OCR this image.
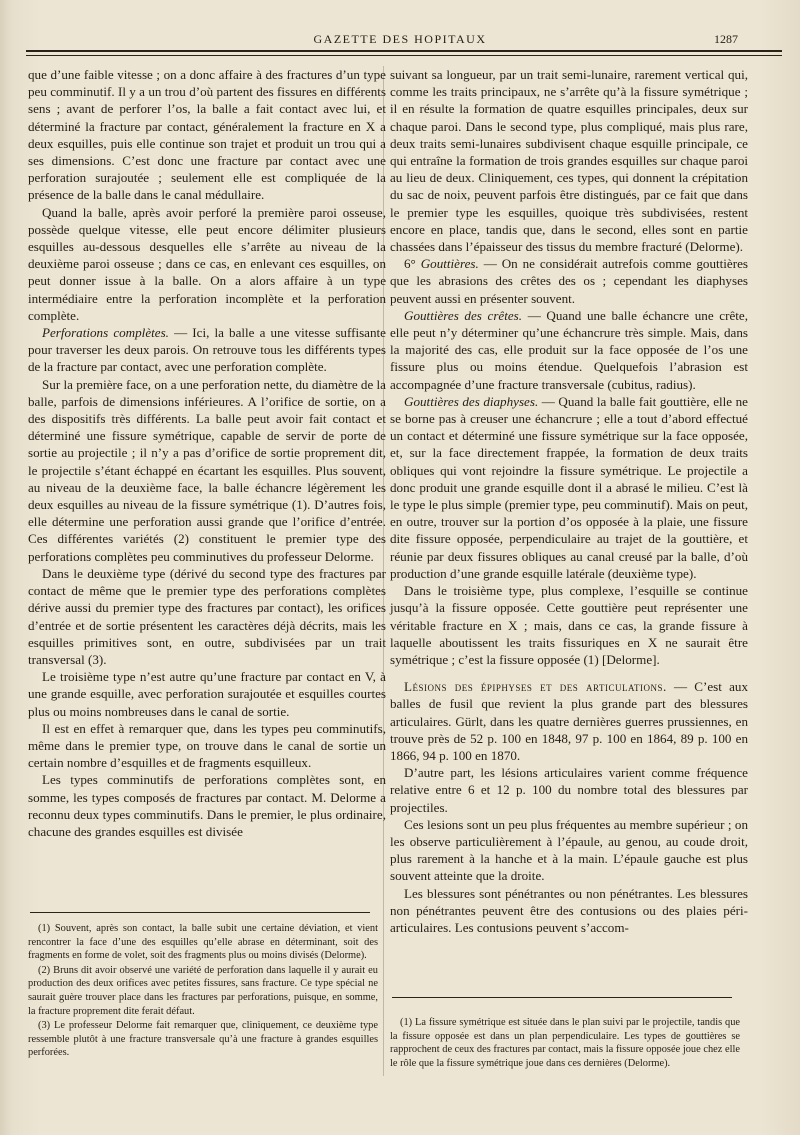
GAZETTE DES HOPITAUX	1287

que d’une faible vitesse ; on a donc affaire à des fractures d’un type peu comminutif. Il y a un trou d’où partent des fissures en différents sens ; avant de perforer l’os, la balle a fait contact avec lui, et déterminé la fracture par contact, généralement la fracture en X a deux esquilles, puis elle continue son trajet et produit un trou qui a ses dimensions. C’est donc une fracture par contact avec une perforation surajoutée ; seulement elle est compliquée de la présence de la balle dans le canal médullaire.

Quand la balle, après avoir perforé la première paroi osseuse, possède quelque vitesse, elle peut encore délimiter plusieurs esquilles au-dessous desquelles elle s’arrête au niveau de la deuxième paroi osseuse ; dans ce cas, en enlevant ces esquilles, on peut donner issue à la balle. On a alors affaire à un type intermédiaire entre la perforation incomplète et la perforation complète.

Perforations complètes. — Ici, la balle a une vitesse suffisante pour traverser les deux parois. On retrouve tous les différents types de la fracture par contact, avec une perforation complète.

Sur la première face, on a une perforation nette, du diamètre de la balle, parfois de dimensions inférieures. A l’orifice de sortie, on a des dispositifs très différents. La balle peut avoir fait contact et déterminé une fissure symétrique, capable de servir de porte de sortie au projectile ; il n’y a pas d’orifice de sortie proprement dit, le projectile s’étant échappé en écartant les esquilles. Plus souvent, au niveau de la deuxième face, la balle échancre légèrement les deux esquilles au niveau de la fissure symétrique (1). D’autres fois, elle détermine une perforation aussi grande que l’orifice d’entrée. Ces différentes variétés (2) constituent le premier type des perforations complètes peu comminutives du professeur Delorme.

Dans le deuxième type (dérivé du second type des fractures par contact de même que le premier type des perforations complètes dérive aussi du premier type des fractures par contact), les orifices d’entrée et de sortie présentent les caractères déjà décrits, mais les esquilles primitives sont, en outre, subdivisées par un trait transversal (3).

Le troisième type n’est autre qu’une fracture par contact en V, à une grande esquille, avec perforation surajoutée et esquilles courtes plus ou moins nombreuses dans le canal de sortie.

Il est en effet à remarquer que, dans les types peu comminutifs, même dans le premier type, on trouve dans le canal de sortie un certain nombre d’esquilles et de fragments esquilleux.

Les types comminutifs de perforations complètes sont, en somme, les types composés de fractures par contact. M. Delorme a reconnu deux types comminutifs. Dans le premier, le plus ordinaire, chacune des grandes esquilles est divisée

(1) Souvent, après son contact, la balle subit une certaine déviation, et vient rencontrer la face d’une des esquilles qu’elle abrase en déterminant, soit des fragments en forme de volet, soit des fragments plus ou moins divisés (Delorme).

(2) Bruns dit avoir observé une variété de perforation dans laquelle il y aurait eu production des deux orifices avec petites fissures, sans fracture. Ce type spécial ne saurait guère trouver place dans les fractures par perforations, puisque, en somme, la fracture proprement dite ferait défaut.

(3) Le professeur Delorme fait remarquer que, cliniquement, ce deuxième type ressemble plutôt à une fracture transversale qu’à une fracture à grandes esquilles perforées.

suivant sa longueur, par un trait semi-lunaire, rarement vertical qui, comme les traits principaux, ne s’arrête qu’à la fissure symétrique ; il en résulte la formation de quatre esquilles principales, deux sur chaque paroi. Dans le second type, plus compliqué, mais plus rare, deux traits semi-lunaires subdivisent chaque esquille principale, ce qui entraîne la formation de trois grandes esquilles sur chaque paroi au lieu de deux. Cliniquement, ces types, qui donnent la crépitation du sac de noix, peuvent parfois être distingués, par ce fait que dans le premier type les esquilles, quoique très subdivisées, restent encore en place, tandis que, dans le second, elles sont en partie chassées dans l’épaisseur des tissus du membre fracturé (Delorme).

6° Gouttières. — On ne considérait autrefois comme gouttières que les abrasions des crêtes des os ; cependant les diaphyses peuvent aussi en présenter souvent.

Gouttières des crêtes. — Quand une balle échancre une crête, elle peut n’y déterminer qu’une échancrure très simple. Mais, dans la majorité des cas, elle produit sur la face opposée de l’os une fissure plus ou moins étendue. Quelquefois l’abrasion est accompagnée d’une fracture transversale (cubitus, radius).

Gouttières des diaphyses. — Quand la balle fait gouttière, elle ne se borne pas à creuser une échancrure ; elle a tout d’abord effectué un contact et déterminé une fissure symétrique sur la face opposée, et, sur la face directement frappée, la formation de deux traits obliques qui vont rejoindre la fissure symétrique. Le projectile a donc produit une grande esquille dont il a abrasé le milieu. C’est là le type le plus simple (premier type, peu comminutif). Mais on peut, en outre, trouver sur la portion d’os opposée à la plaie, une fissure dite fissure opposée, perpendiculaire au trajet de la gouttière, et réunie par deux fissures obliques au canal creusé par la balle, d’où production d’une grande esquille latérale (deuxième type).

Dans le troisième type, plus complexe, l’esquille se continue jusqu’à la fissure opposée. Cette gouttière peut représenter une véritable fracture en X ; mais, dans ce cas, la grande fissure à laquelle aboutissent les traits fissuriques en X ne saurait être symétrique ; c’est la fissure opposée (1) [Delorme].

Lésions des épiphyses et des articulations. — C’est aux balles de fusil que revient la plus grande part des blessures articulaires. Gürlt, dans les quatre dernières guerres prussiennes, en trouve près de 52 p. 100 en 1848, 97 p. 100 en 1864, 89 p. 100 en 1866, 94 p. 100 en 1870.

D’autre part, les lésions articulaires varient comme fréquence relative entre 6 et 12 p. 100 du nombre total des blessures par projectiles.

Ces lesions sont un peu plus fréquentes au membre supérieur ; on les observe particulièrement à l’épaule, au genou, au coude droit, plus rarement à la hanche et à la main. L’épaule gauche est plus souvent atteinte que la droite.

Les blessures sont pénétrantes ou non pénétrantes. Les blessures non pénétrantes peuvent être des contusions ou des plaies péri-articulaires. Les contusions peuvent s’accom-

(1) La fissure symétrique est située dans le plan suivi par le projectile, tandis que la fissure opposée est dans un plan perpendiculaire. Les types de gouttières se rapprochent de ceux des fractures par contact, mais la fissure opposée joue chez elle le rôle que la fissure symétrique joue dans ces dernières (Delorme).
